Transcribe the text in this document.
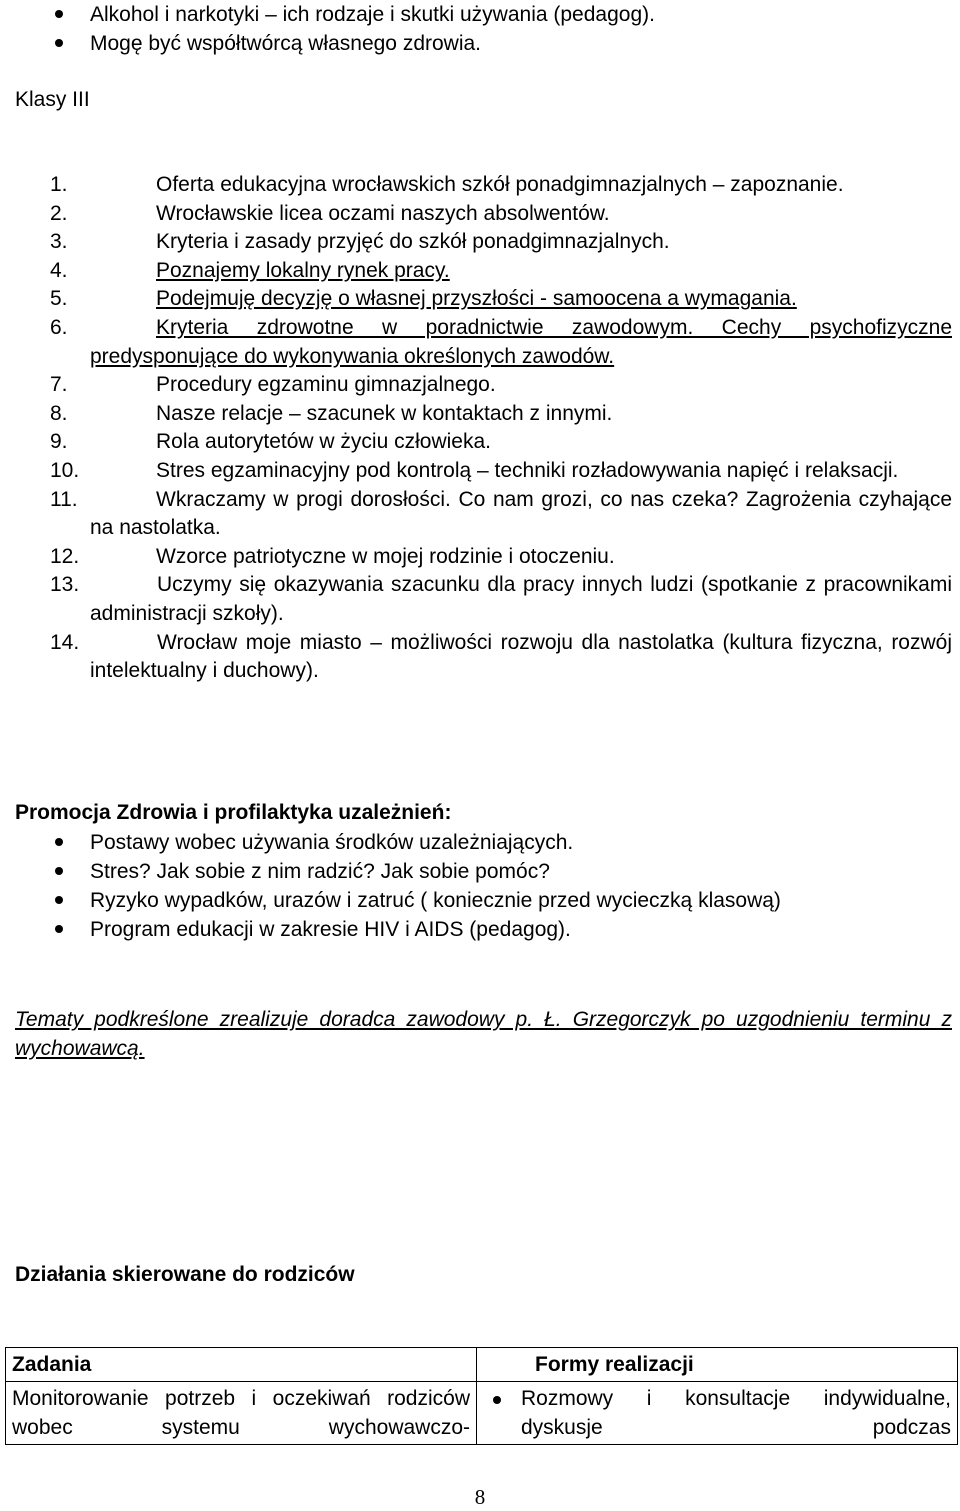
Alkohol i narkotyki – ich rodzaje i skutki używania (pedagog).
Mogę być współtwórcą własnego zdrowia.
Klasy III
1.	Oferta edukacyjna wrocławskich szkół ponadgimnazjalnych – zapoznanie.
2.	Wrocławskie licea oczami naszych absolwentów.
3.	Kryteria i zasady przyjęć do szkół ponadgimnazjalnych.
4.	Poznajemy lokalny rynek pracy.
5.	Podejmuję decyzję o własnej przyszłości - samoocena a wymagania.
6.	Kryteria zdrowotne w poradnictwie zawodowym. Cechy psychofizyczne predysponujące do wykonywania określonych zawodów.
7.	Procedury egzaminu gimnazjalnego.
8.	Nasze relacje – szacunek w kontaktach z innymi.
9.	Rola autorytetów w życiu człowieka.
10.	Stres egzaminacyjny pod kontrolą – techniki rozładowywania napięć i relaksacji.
11.	Wkraczamy w progi dorosłości. Co nam grozi, co nas czeka? Zagrożenia czyhające na nastolatka.
12.	Wzorce patriotyczne w mojej rodzinie i otoczeniu.
13.	Uczymy się okazywania szacunku dla pracy innych ludzi (spotkanie z pracownikami administracji szkoły).
14.	Wrocław moje miasto – możliwości rozwoju dla nastolatka (kultura fizyczna, rozwój intelektualny i duchowy).
Promocja Zdrowia i profilaktyka uzależnień:
Postawy wobec używania środków uzależniających.
Stres? Jak sobie z nim radzić? Jak sobie pomóc?
Ryzyko wypadków, urazów i zatruć ( koniecznie przed wycieczką klasową)
Program edukacji w zakresie HIV i AIDS (pedagog).
Tematy podkreślone zrealizuje doradca zawodowy p. Ł. Grzegorczyk po uzgodnieniu terminu z wychowawcą.
Działania skierowane do rodziców
Zadania	Formy realizacji

Monitorowanie potrzeb i oczekiwań rodziców wobec systemu wychowawczo-	Rozmowy i konsultacje indywidualne, dyskusje podczas
8
